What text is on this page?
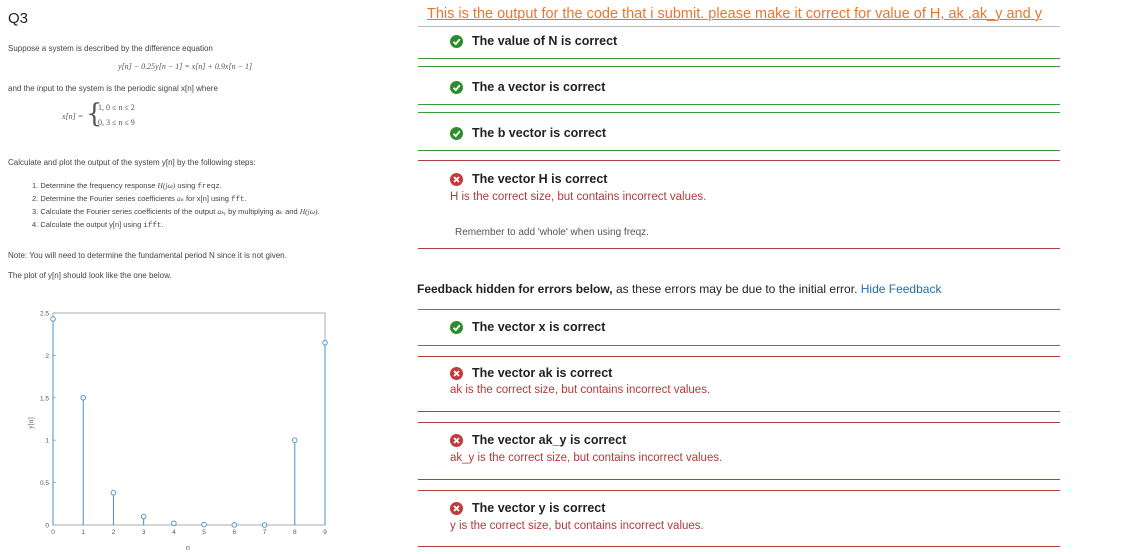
Q3
Suppose a system is described by the difference equation
y[n] − 0.25y[n − 1] = x[n] + 0.9x[n − 1]
and the input to the system is the periodic signal x[n] where
x[n] = {
1, 0 ≤ n ≤ 2
0, 3 ≤ n ≤ 9
Calculate and plot the output of the system y[n] by the following steps:
1. Determine the frequency response H(jω) using freqz.
2. Determine the Fourier series coefficients aₖ for x[n] using fft.
3. Calculate the Fourier series coefficients of the output aₖᵧ by multiplying aₖ and H(jω).
4. Calculate the output y[n] using ifft.
Note: You will need to determine the fundamental period N since it is not given.
The plot of y[n] should look like the one below.
0
0.5
1
1.5
2
2.5
0	1	2	3	4	5	6	7	8	9
n
y[n]
This is the output for the code that i submit. please make it correct for value of H, ak ,ak_y and y
The value of N is correct
The a vector is correct
The b vector is correct
The vector H is correct
H is the correct size, but contains incorrect values.
Remember to add 'whole' when using freqz.
Feedback hidden for errors below, as these errors may be due to the initial error. Hide Feedback
The vector x is correct
The vector ak is correct
ak is the correct size, but contains incorrect values.
The vector ak_y is correct
ak_y is the correct size, but contains incorrect values.
The vector y is correct
y is the correct size, but contains incorrect values.
